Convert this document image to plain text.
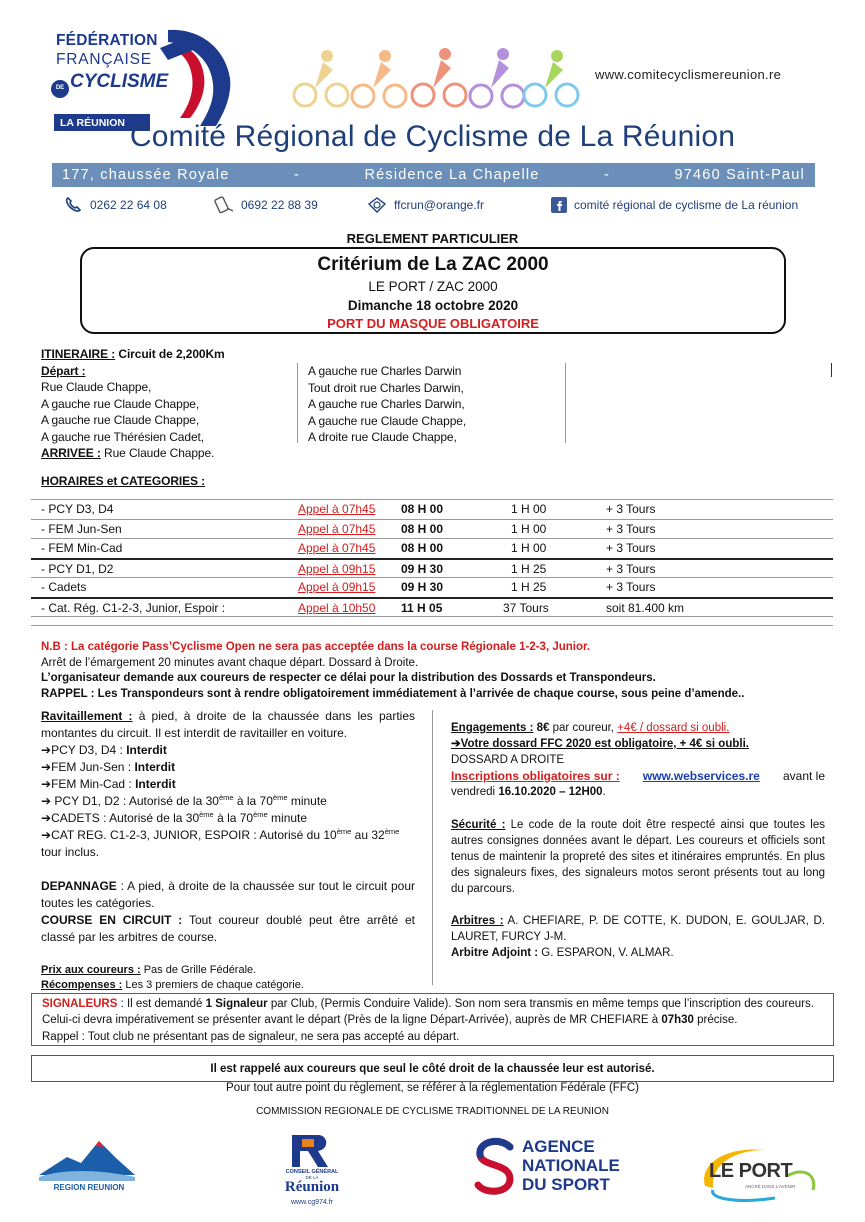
FÉDÉRATION
FRANÇAISE
DE CYCLISME
LA RÉUNION
www.comitecyclismereunion.re
Comité Régional de Cyclisme de La Réunion
177, chaussée Royale	-	Résidence La Chapelle	-	97460 Saint-Paul
0262 22 64 08	0692 22 88 39	ffcrun@orange.fr	comité régional de cyclisme de La réunion
REGLEMENT PARTICULIER
Critérium de La ZAC 2000
LE PORT / ZAC 2000
Dimanche 18 octobre 2020
PORT DU MASQUE OBLIGATOIRE
ITINERAIRE : Circuit de 2,200Km
Départ :
Rue Claude Chappe,
A gauche rue Claude Chappe,
A gauche rue Claude Chappe,
A gauche rue Thérésien Cadet,
ARRIVEE : Rue Claude Chappe.
A gauche rue Charles Darwin
Tout droit rue Charles Darwin,
A gauche rue Charles Darwin,
A gauche rue Claude Chappe,
A droite rue Claude Chappe,
HORAIRES et CATEGORIES :
- PCY D3, D4	Appel à 07h45 08 H 00	1 H 00	+ 3 Tours
- FEM Jun-Sen	Appel à 07h45 08 H 00	1 H 00	+ 3 Tours
- FEM Min-Cad	Appel à 07h45 08 H 00	1 H 00	+ 3 Tours
- PCY D1, D2	Appel à 09h15 09 H 30	1 H 25	+ 3 Tours
- Cadets	Appel à 09h15 09 H 30	1 H 25	+ 3 Tours
- Cat. Rég. C1-2-3, Junior, Espoir :	Appel à 10h50 11 H 05	37 Tours	soit 81.400 km
N.B : La catégorie Pass’Cyclisme Open ne sera pas acceptée dans la course Régionale 1-2-3, Junior.
Arrêt de l’émargement 20 minutes avant chaque départ. Dossard à Droite.
L’organisateur demande aux coureurs de respecter ce délai pour la distribution des Dossards et Transpondeurs.
RAPPEL : Les Transpondeurs sont à rendre obligatoirement immédiatement à l’arrivée de chaque course, sous peine d’amende..
Ravitaillement : à pied, à droite de la chaussée dans les parties montantes du circuit. Il est interdit de ravitailler en voiture.
➔PCY D3, D4 : Interdit
➔FEM Jun-Sen : Interdit
➔FEM Min-Cad : Interdit
➔ PCY D1, D2 : Autorisé de la 30ème à la 70ème minute
➔CADETS : Autorisé de la 30ème à la 70ème minute
➔CAT REG. C1-2-3, JUNIOR, ESPOIR : Autorisé du 10ème au 32ème
tour inclus.
DEPANNAGE : A pied, à droite de la chaussée sur tout le circuit pour toutes les catégories.
COURSE EN CIRCUIT : Tout coureur doublé peut être arrêté et classé par les arbitres de course.
Prix aux coureurs : Pas de Grille Fédérale.
Récompenses : Les 3 premiers de chaque catégorie.
Engagements : 8€ par coureur, +4€ / dossard si oubli.
➔Votre dossard FFC 2020 est obligatoire, + 4€ si oubli.
DOSSARD A DROITE
Inscriptions obligatoires sur : www.webservices.re avant le
vendredi 16.10.2020 – 12H00.
Sécurité : Le code de la route doit être respecté ainsi que toutes les autres consignes données avant le départ. Les coureurs et officiels sont tenus de maintenir la propreté des sites et itinéraires empruntés. En plus des signaleurs fixes, des signaleurs motos seront présents tout au long du parcours.
Arbitres : A. CHEFIARE, P. DE COTTE, K. DUDON, E. GOULJAR, D. LAURET, FURCY J-M.
Arbitre Adjoint : G. ESPARON, V. ALMAR.
SIGNALEURS : Il est demandé 1 Signaleur par Club, (Permis Conduire Valide). Son nom sera transmis en même temps que l’inscription des coureurs. Celui-ci devra impérativement se présenter avant le départ (Près de la ligne Départ-Arrivée), auprès de MR CHEFIARE à 07h30 précise.
Rappel : Tout club ne présentant pas de signaleur, ne sera pas accepté au départ.
Il est rappelé aux coureurs que seul le côté droit de la chaussée leur est autorisé.
Pour tout autre point du règlement, se référer à la réglementation Fédérale (FFC)
COMMISSION REGIONALE DE CYCLISME TRADITIONNEL DE LA REUNION
REGION REUNION
CONSEIL GÉNÉRAL
DE LA
Réunion
www.cg974.fr
AGENCE
NATIONALE
DU SPORT
LE PORT
ANCRÉ DANS L’AVENIR
